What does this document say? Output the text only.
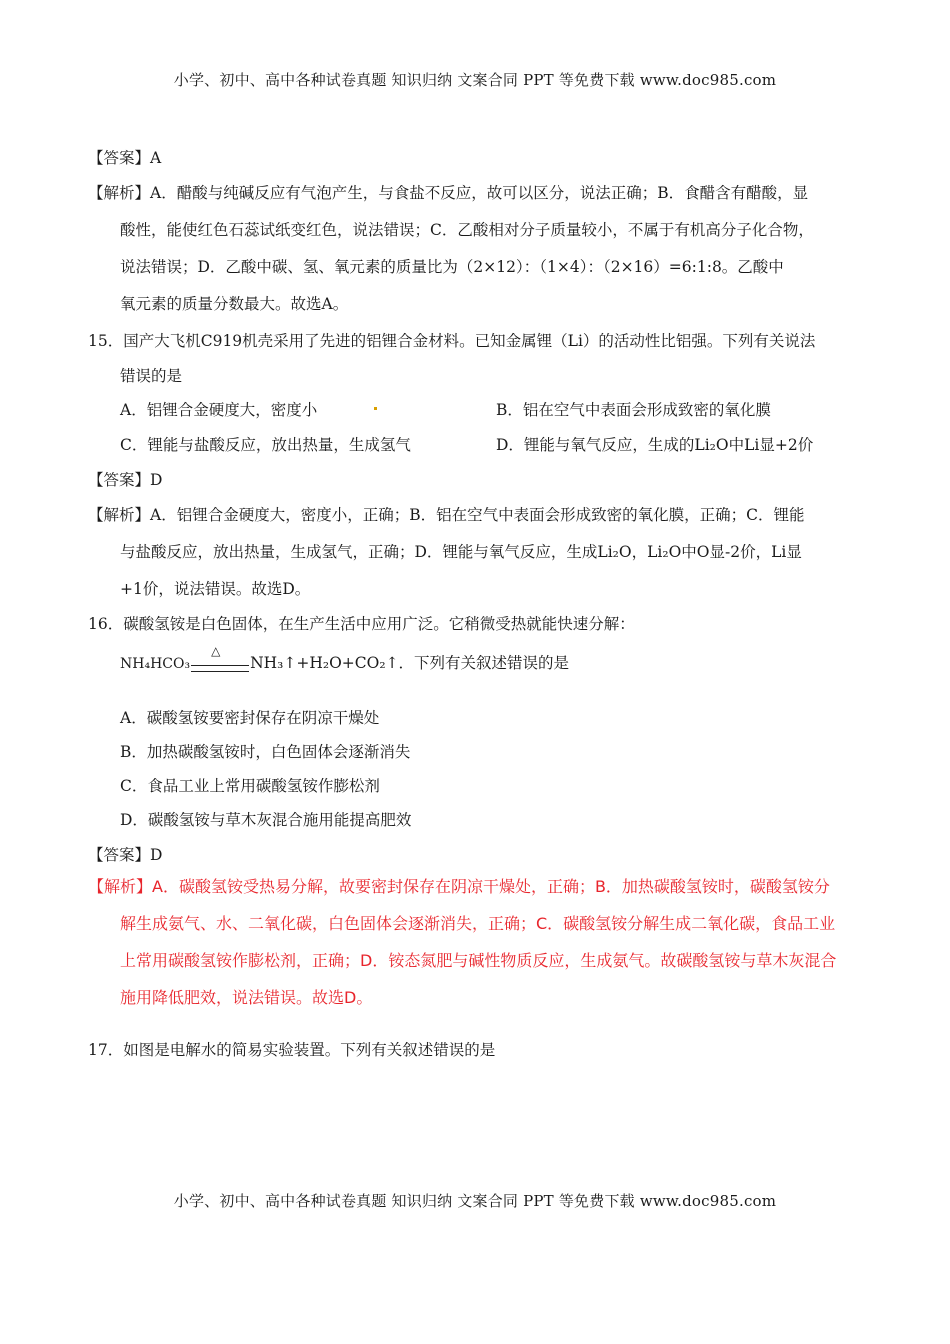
小学、初中、高中各种试卷真题 知识归纳 文案合同 PPT 等免费下载 www.doc985.com
【答案】A
【解析】A．醋酸与纯碱反应有气泡产生，与食盐不反应，故可以区分，说法正确；B．食醋含有醋酸，显
酸性，能使红色石蕊试纸变红色，说法错误；C．乙酸相对分子质量较小，不属于有机高分子化合物，
说法错误；D．乙酸中碳、氢、氧元素的质量比为（2×12）：（1×4）：（2×16）=6:1:8。乙酸中
氧元素的质量分数最大。故选A。
15．国产大飞机C919机壳采用了先进的铝锂合金材料。已知金属锂（Li）的活动性比铝强。下列有关说法
错误的是
A．铝锂合金硬度大，密度小	B．铝在空气中表面会形成致密的氧化膜
C．锂能与盐酸反应，放出热量，生成氢气	D．锂能与氧气反应，生成的Li₂O中Li显+2价
【答案】D
【解析】A．铝锂合金硬度大，密度小，正确；B．铝在空气中表面会形成致密的氧化膜，正确；C．锂能
与盐酸反应，放出热量，生成氢气，正确；D．锂能与氧气反应，生成Li₂O，Li₂O中O显-2价，Li显
+1价，说法错误。故选D。
16．碳酸氢铵是白色固体，在生产生活中应用广泛。它稍微受热就能快速分解：
NH₄HCO₃
△
NH₃↑+H₂O+CO₂↑．下列有关叙述错误的是
A．碳酸氢铵要密封保存在阴凉干燥处
B．加热碳酸氢铵时，白色固体会逐渐消失
C．食品工业上常用碳酸氢铵作膨松剂
D．碳酸氢铵与草木灰混合施用能提高肥效
【答案】D
【解析】A．碳酸氢铵受热易分解，故要密封保存在阴凉干燥处，正确；B．加热碳酸氢铵时，碳酸氢铵分
解生成氨气、水、二氧化碳，白色固体会逐渐消失，正确；C．碳酸氢铵分解生成二氧化碳，食品工业
上常用碳酸氢铵作膨松剂，正确；D．铵态氮肥与碱性物质反应，生成氨气。故碳酸氢铵与草木灰混合
施用降低肥效，说法错误。故选D。
17．如图是电解水的简易实验装置。下列有关叙述错误的是
小学、初中、高中各种试卷真题 知识归纳 文案合同 PPT 等免费下载 www.doc985.com
